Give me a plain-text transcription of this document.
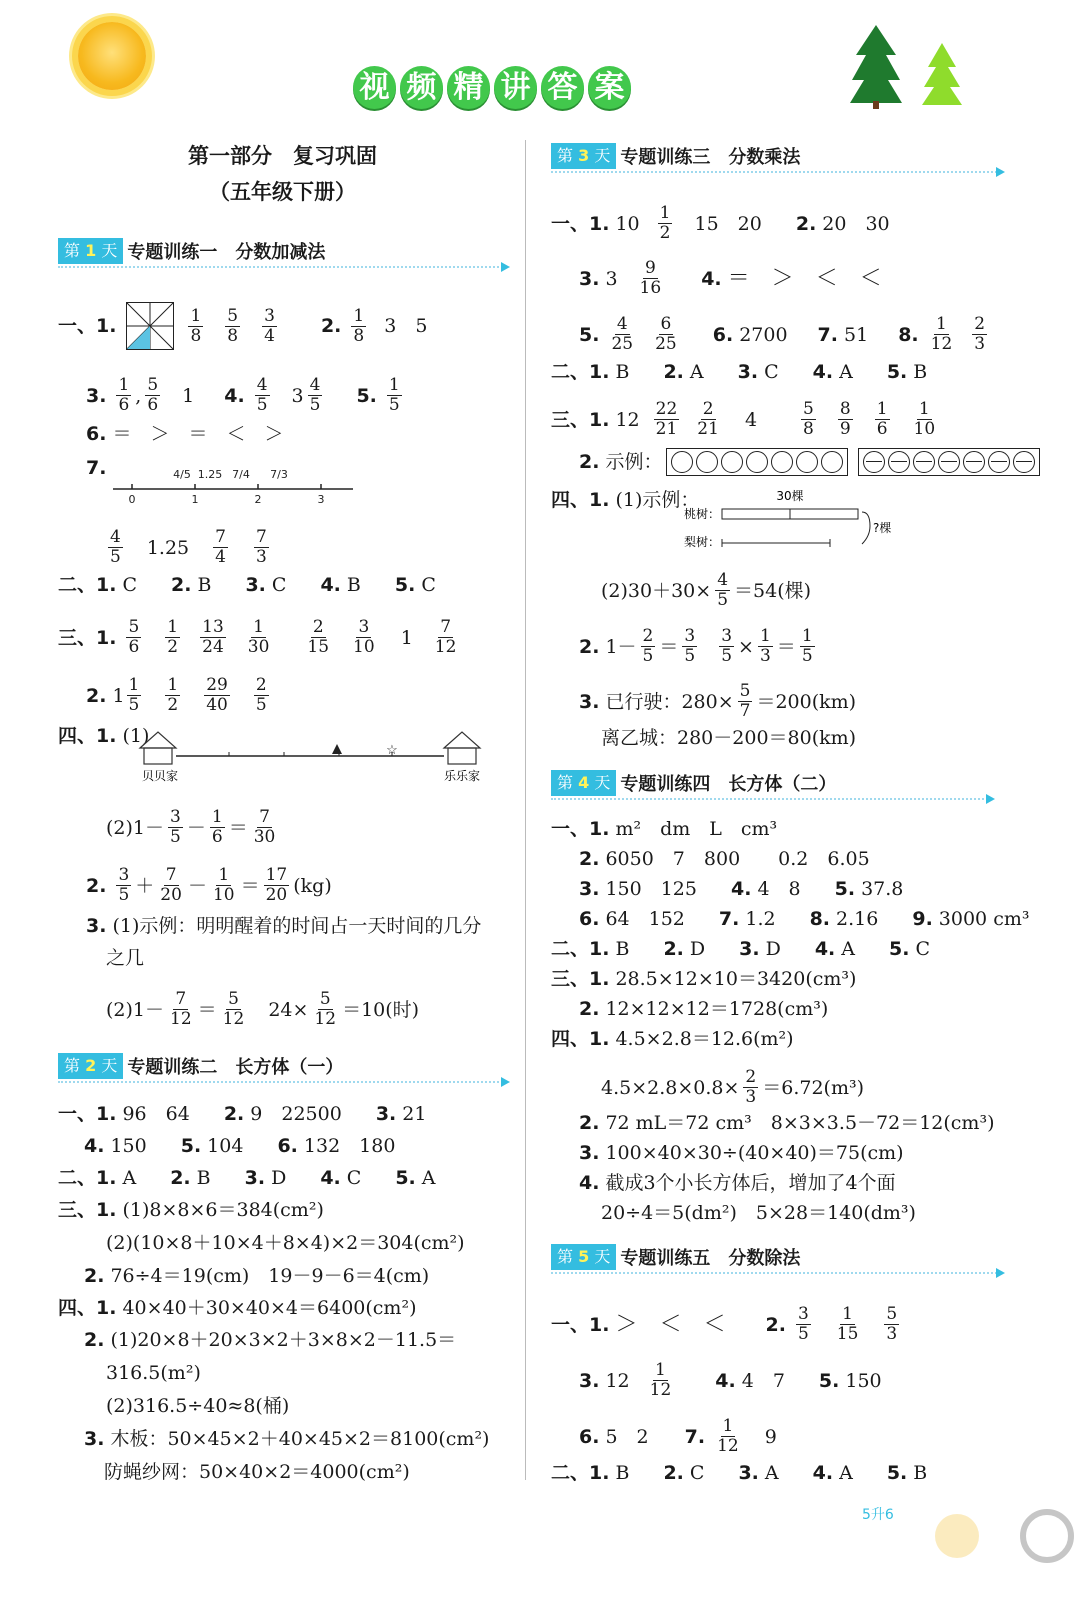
视 频 精 讲 答 案
第一部分　复习巩固
（五年级下册）
第 1 天 专题训练一　分数加减法
一、 1.	$\frac{1}{8} \frac{5}{8} \frac{3}{4} 2$. $\frac{1}{8} 3$　5
3. $\frac{1}{6}$ , $\frac{5}{6} 1$ 4. $\frac{4}{5} 3 \frac{4}{5} 5$. $\frac{1}{5}$
6. ＝　＞　＝　＜　＞
7.
0	1	2	3
4/5 1.25 7/4 7/3
$\frac{4}{5} 1.25 \frac{7}{4} \frac{7}{3}$
二、 1. C 2. B 3. C 4. B 5. C
三、 1. $\frac{5}{6} \frac{1}{2} \frac{13}{24} \frac{1}{30} \frac{2}{15} \frac{3}{10} 1 \frac{7}{12}$
2. $1 \frac{1}{5} \frac{1}{2} \frac{29}{40} \frac{2}{5}$
四、 1. (1)
☆
贝贝家	乐乐家
(2) $1- \frac{3}{5} - \frac{1}{6} = \frac{7}{30}$
2. $\frac{3}{5} + \frac{7}{20} - \frac{1}{10} = \frac{17}{20} (kg)$
3. (1)示例：明明醒着的时间占一天时间的几分
之几
$(2)1- \frac{7}{12} = \frac{5}{12} 24\times \frac{5}{12} =10$(时)
第 2 天 专题训练二　长方体（一）
一、 1. 96　64 2. 9　22500 3. 21
4. 150 5. 104 6. 132　180
二、 1. A 2. B 3. D 4. C 5. A
三、 1. (1)8×8×6＝384(cm²)
(2)(10×8＋10×4＋8×4)×2＝304(cm²)
2. 76÷4＝19(cm)　19－9－6＝4(cm)
四、 1. 40×40＋30×40×4＝6400(cm²)
2. (1)20×8＋20×3×2＋3×8×2－11.5＝
316.5(m²)
(2)316.5÷40≈8(桶)
3. 木板：50×45×2＋40×45×2＝8100(cm²)
防蝇纱网：50×40×2＝4000(cm²)
第 3 天 专题训练三　分数乘法
一、 1. $10 \frac{1}{2} 15$　20 2. 20　30
3. $3 \frac{9}{16} 4$. ＝　＞　＜　＜
5. $\frac{4}{25} \frac{6}{25} 6$. 2700 7. 51 8. $\frac{1}{12} \frac{2}{3}$
二、 1. B 2. A 3. C 4. A 5. B
三、 1. $12 \frac{22}{21} \frac{2}{21} 4$	$\frac{5}{8} \frac{8}{9} \frac{1}{6} \frac{1}{10}$
2. 示例：
四、 1. (1)示例：	30棵
桃树：
梨树：
?棵
$(2)30+30\times \frac{4}{5} =54$(棵)
2. $1- \frac{2}{5} = \frac{3}{5} \frac{3}{5} \times \frac{1}{3} = \frac{1}{5}$
3. 已行驶：$280\times \frac{5}{7} =200(km)$
离乙城：280－200＝80(km)
第 4 天 专题训练四　长方体（二）
一、 1. m²　dm　L　cm³
2. 6050　7　800　　0.2　6.05
3. 150　125 4. 4　8 5. 37.8
6. 64　152 7. 1.2 8. 2.16 9. 3000 cm³
二、 1. B 2. D 3. D 4. A 5. C
三、 1. 28.5×12×10＝3420(cm³)
2. 12×12×12＝1728(cm³)
四、 1. 4.5×2.8＝12.6(m²)
$4.5\times 2.8\times 0.8\times \frac{2}{3} =6.72(m^3)$
2. 72 mL＝72 cm³　8×3×3.5－72＝12(cm³)
3. 100×40×30÷(40×40)＝75(cm)
4. 截成3个小长方体后，增加了4个面
20÷4＝5(dm²)　5×28＝140(dm³)
第 5 天 专题训练五　分数除法
一、 1. ＞　＜　＜ 2. $\frac{3}{5} \frac{1}{15} \frac{5}{3}$
3. $12 \frac{1}{12} 4$. 4　7 5. 150
6. 5　2 7. $\frac{1}{12} 9$
二、 1. B 2. C 3. A 4. A 5. B
5升6
